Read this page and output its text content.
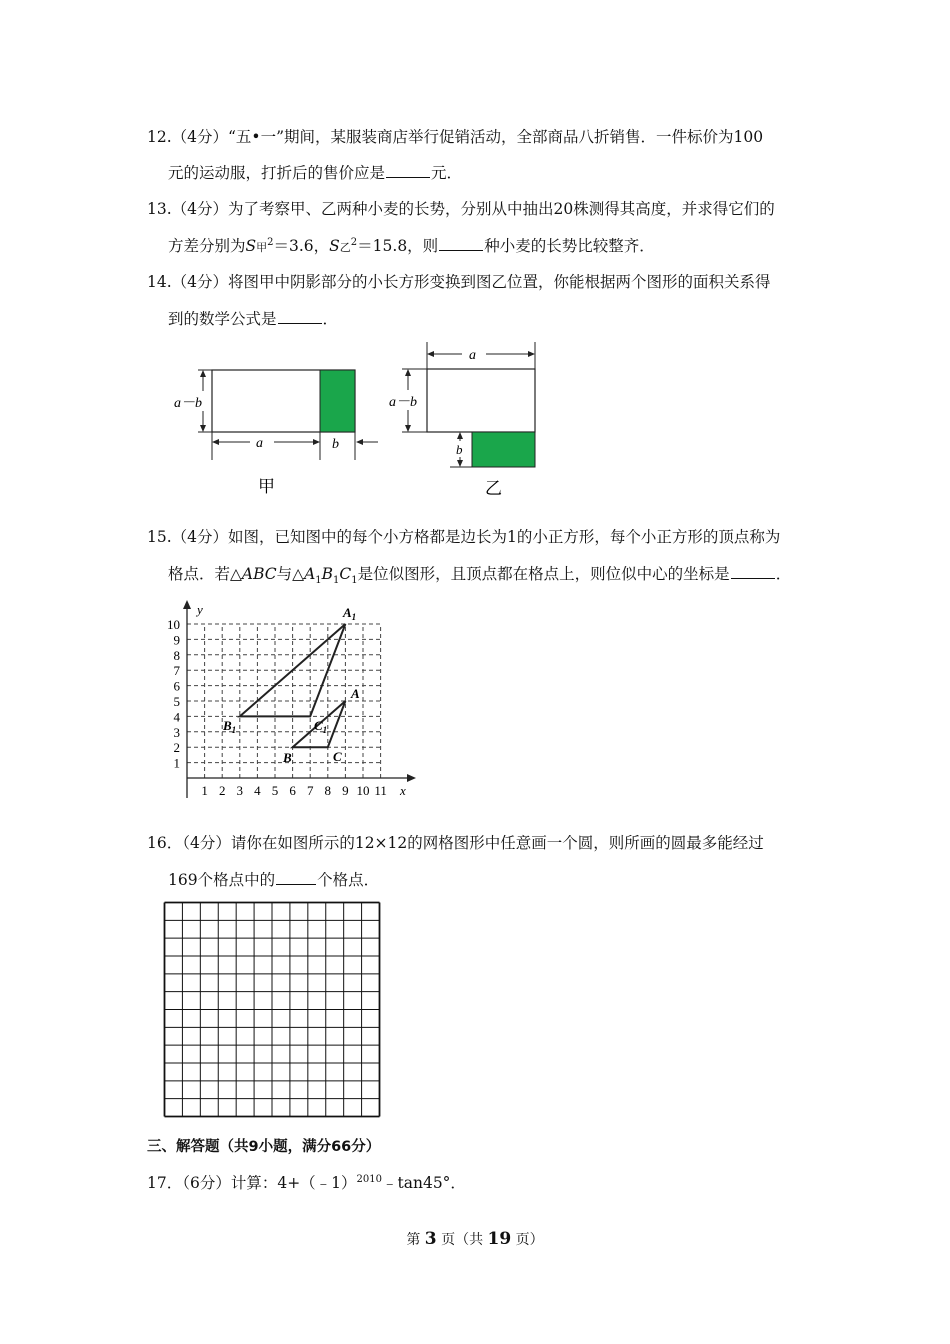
12.（4分）“五•一”期间，某服装商店举行促销活动，全部商品八折销售．一件标价为100
元的运动服，打折后的售价应是	元．
13.（4分）为了考察甲、乙两种小麦的长势，分别从中抽出20株测得其高度，并求得它们的
方差分别为S甲$^2$＝3.6，S乙$^2$＝15.8，则	种小麦的长势比较整齐．
14.（4分）将图甲中阴影部分的小长方形变换到图乙位置，你能根据两个图形的面积关系得
到的数学公式是	．
a－b
a	b
甲
a
a－b
b
乙
15.（4分）如图，已知图中的每个小方格都是边长为1的小正方形，每个小正方形的顶点称为
格点．若△ABC与$\triangle A_1B_1C_1$是位似图形，且顶点都在格点上，则位似中心的坐标是	．
x
y
1 2 3 4 5 6 7 8 9 10 11
1
2
3
4
5
6
7
8
9
10
$A_1$
$B_1$	$C_1$
A
B	C
16．（4分）请你在如图所示的12×12的网格图形中任意画一个圆，则所画的圆最多能经过
169个格点中的	个格点．
三、解答题（共9小题，满分66分）
17．（6分）计算：4+（﹣1）$^{2010}$﹣tan45°．
第 3 页（共 19 页）
